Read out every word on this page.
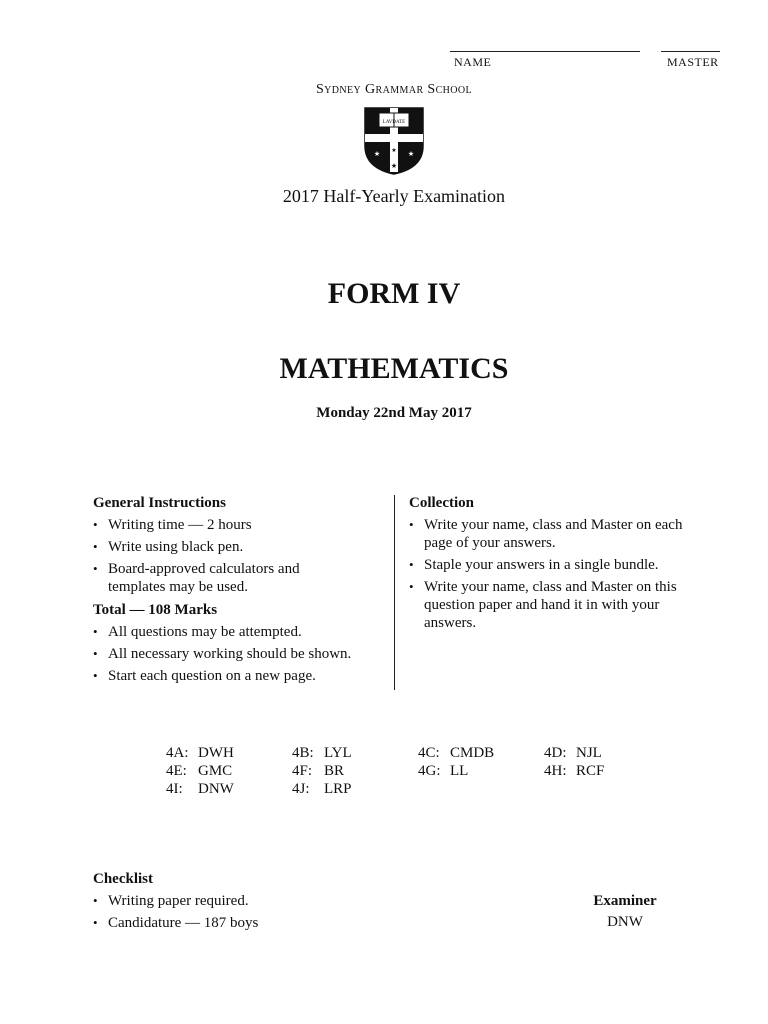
NAME	MASTER
Sydney Grammar School
LAVDATE
★	★
★
★
2017 Half-Yearly Examination
FORM IV
MATHEMATICS
Monday 22nd May 2017
General Instructions
• Writing time — 2 hours
• Write using black pen.
• Board-approved calculators and templates may be used.
Total — 108 Marks
• All questions may be attempted.
• All necessary working should be shown.
• Start each question on a new page.
Collection
• Write your name, class and Master on each page of your answers.
• Staple your answers in a single bundle.
• Write your name, class and Master on this question paper and hand it in with your answers.
4A: DWH	4B: LYL	4C: CMDB	4D: NJL
4E: GMC	4F: BR	4G: LL	4H: RCF
4I: DNW	4J: LRP
Checklist
• Writing paper required.
• Candidature — 187 boys
Examiner
DNW
